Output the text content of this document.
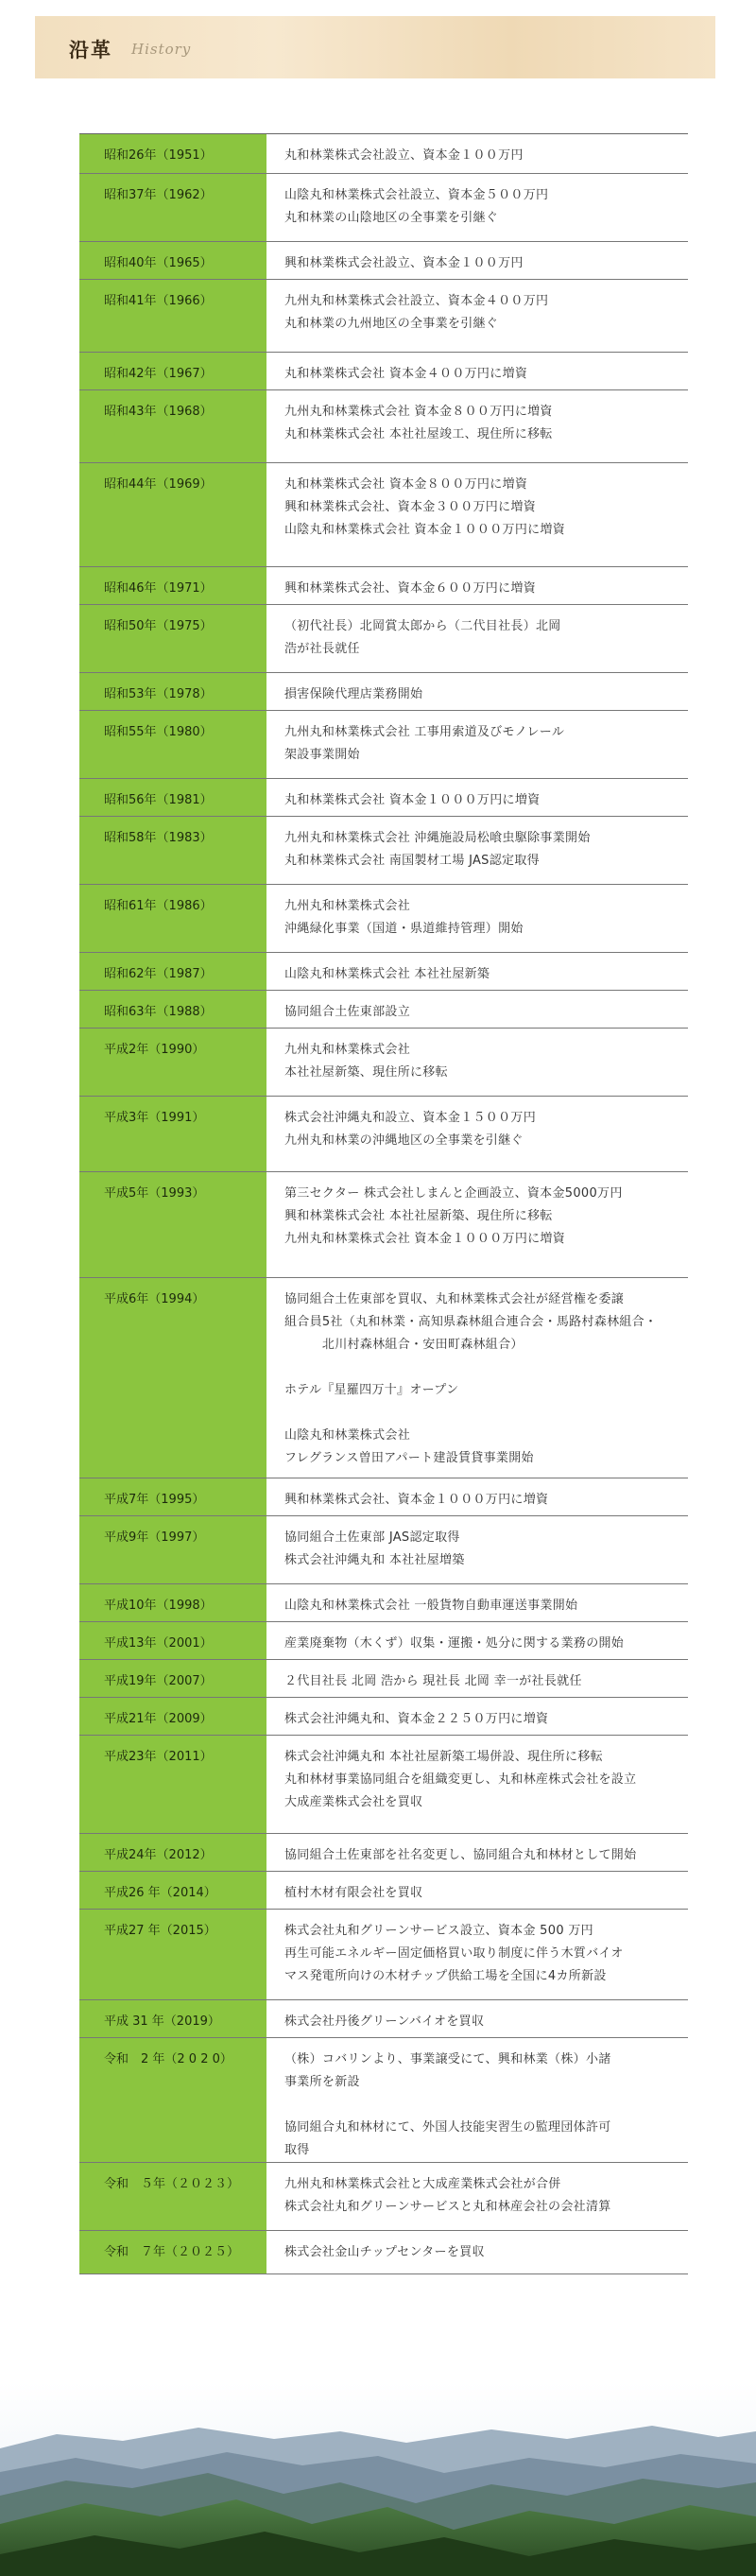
沿革 History
昭和26年（1951）	丸和林業株式会社設立、資本金１００万円
昭和37年（1962）	山陰丸和林業株式会社設立、資本金５００万円
丸和林業の山陰地区の全事業を引継ぐ
昭和40年（1965）	興和林業株式会社設立、資本金１００万円
昭和41年（1966）	九州丸和林業株式会社設立、資本金４００万円
丸和林業の九州地区の全事業を引継ぐ
昭和42年（1967）	丸和林業株式会社 資本金４００万円に増資
昭和43年（1968）	九州丸和林業株式会社 資本金８００万円に増資
丸和林業株式会社 本社社屋竣工、現住所に移転
昭和44年（1969）	丸和林業株式会社 資本金８００万円に増資
興和林業株式会社、資本金３００万円に増資
山陰丸和林業株式会社 資本金１０００万円に増資
昭和46年（1971）	興和林業株式会社、資本金６００万円に増資
昭和50年（1975）	（初代社長）北岡賞太郎から（二代目社長）北岡
浩が社長就任
昭和53年（1978）	損害保険代理店業務開始
昭和55年（1980）	九州丸和林業株式会社 工事用索道及びモノレール
架設事業開始
昭和56年（1981）	丸和林業株式会社 資本金１０００万円に増資
昭和58年（1983）	九州丸和林業株式会社 沖縄施設局松喰虫駆除事業開始
丸和林業株式会社 南国製材工場 JAS認定取得
昭和61年（1986）	九州丸和林業株式会社
沖縄緑化事業（国道・県道維持管理）開始
昭和62年（1987）	山陰丸和林業株式会社 本社社屋新築
昭和63年（1988）	協同組合土佐東部設立
平成2年（1990）	九州丸和林業株式会社
本社社屋新築、現住所に移転
平成3年（1991）	株式会社沖縄丸和設立、資本金１５００万円
九州丸和林業の沖縄地区の全事業を引継ぐ
平成5年（1993）	第三セクター 株式会社しまんと企画設立、資本金5000万円
興和林業株式会社 本社社屋新築、現住所に移転
九州丸和林業株式会社 資本金１０００万円に増資
平成6年（1994）	協同組合土佐東部を買収、丸和林業株式会社が経営権を委譲
組合員5社（丸和林業・高知県森林組合連合会・馬路村森林組合・
　　　北川村森林組合・安田町森林組合）
ホテル『星羅四万十』オープン
山陰丸和林業株式会社
フレグランス曽田アパート建設賃貸事業開始
平成7年（1995）	興和林業株式会社、資本金１０００万円に増資
平成9年（1997）	協同組合土佐東部 JAS認定取得
株式会社沖縄丸和 本社社屋増築
平成10年（1998）	山陰丸和林業株式会社 一般貨物自動車運送事業開始
平成13年（2001）	産業廃棄物（木くず）収集・運搬・処分に関する業務の開始
平成19年（2007）	２代目社長 北岡 浩から 現社長 北岡 幸一が社長就任
平成21年（2009）	株式会社沖縄丸和、資本金２２５０万円に増資
平成23年（2011）	株式会社沖縄丸和 本社社屋新築工場併設、現住所に移転
丸和林材事業協同組合を組織変更し、丸和林産株式会社を設立
大成産業株式会社を買収
平成24年（2012）	協同組合土佐東部を社名変更し、協同組合丸和林材として開始
平成26 年（2014）	植村木材有限会社を買収
平成27 年（2015）	株式会社丸和グリーンサービス設立、資本金 500 万円
再生可能エネルギー固定価格買い取り制度に伴う木質バイオ
マス発電所向けの木材チップ供給工場を全国に4カ所新設
平成 31 年（2019）	株式会社丹後グリーンバイオを買収
令和　2 年（2 0 2 0）	（株）コバリンより、事業譲受にて、興和林業（株）小諸
事業所を新設
協同組合丸和林材にて、外国人技能実習生の監理団体許可
取得
令和　５年（２０２３）	九州丸和林業株式会社と大成産業株式会社が合併
株式会社丸和グリーンサービスと丸和林産会社の会社清算
令和　７年（２０２５）	株式会社金山チップセンターを買収
